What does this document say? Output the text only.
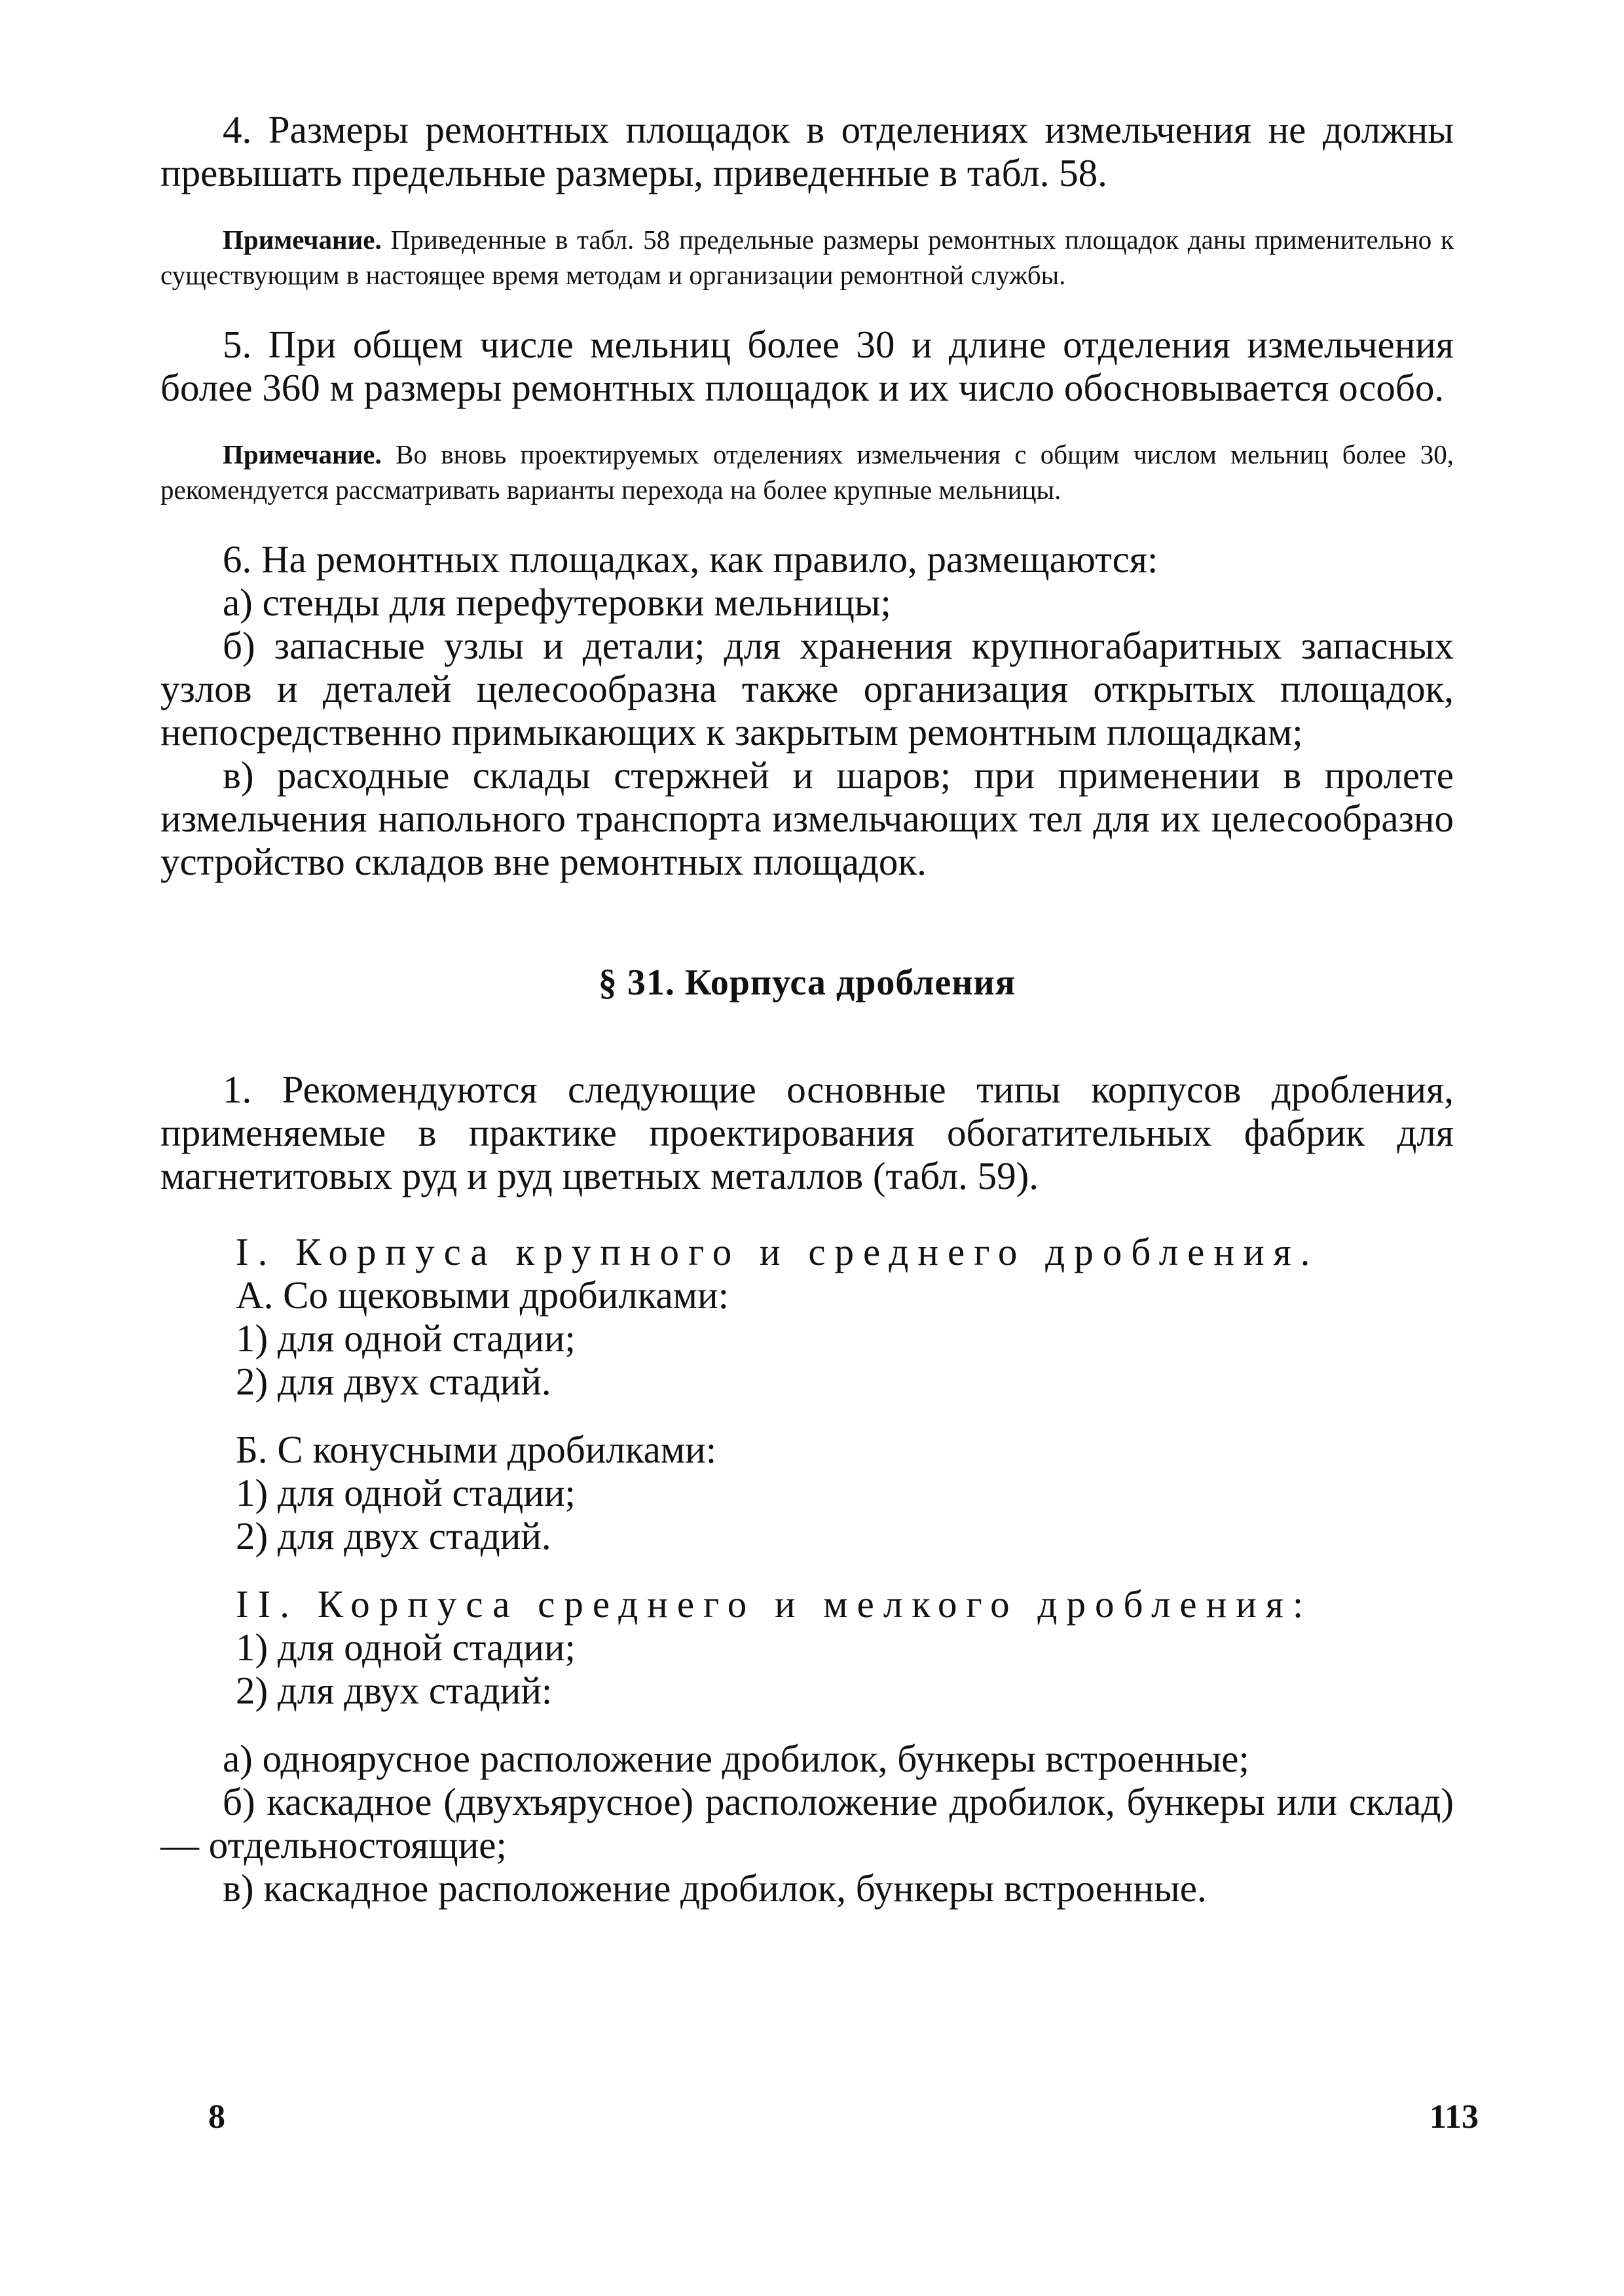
4. Размеры ремонтных площадок в отделениях измельчения не должны превышать предельные размеры, приведенные в табл. 58.

Примечание. Приведенные в табл. 58 предельные размеры ремонтных площадок даны применительно к существующим в настоящее время методам и организации ремонтной службы.

5. При общем числе мельниц более 30 и длине отделения измельчения более 360 м размеры ремонтных площадок и их число обосновывается особо.

Примечание. Во вновь проектируемых отделениях измельчения с общим числом мельниц более 30, рекомендуется рассматривать варианты перехода на более крупные мельницы.

6. На ремонтных площадках, как правило, размещаются:

а) стенды для перефутеровки мельницы;

б) запасные узлы и детали; для хранения крупногабаритных запасных узлов и деталей целесообразна также организация открытых площадок, непосредственно примыкающих к закрытым ремонтным площадкам;

в) расходные склады стержней и шаров; при применении в пролете измельчения напольного транспорта измельчающих тел для их целесообразно устройство складов вне ремонтных площадок.

§ 31. Корпуса дробления

1. Рекомендуются следующие основные типы корпусов дробления, применяемые в практике проектирования обогатительных фабрик для магнетитовых руд и руд цветных металлов (табл. 59).

I. Корпуса крупного и среднего дробления.

А. Со щековыми дробилками:

1) для одной стадии;

2) для двух стадий.

Б. С конусными дробилками:

1) для одной стадии;

2) для двух стадий.

II. Корпуса среднего и мелкого дробления:

1) для одной стадии;

2) для двух стадий:

а) одноярусное расположение дробилок, бункеры встроенные;

б) каскадное (двухъярусное) расположение дробилок, бункеры или склад) — отдельностоящие;

в) каскадное расположение дробилок, бункеры встроенные.

8	113
